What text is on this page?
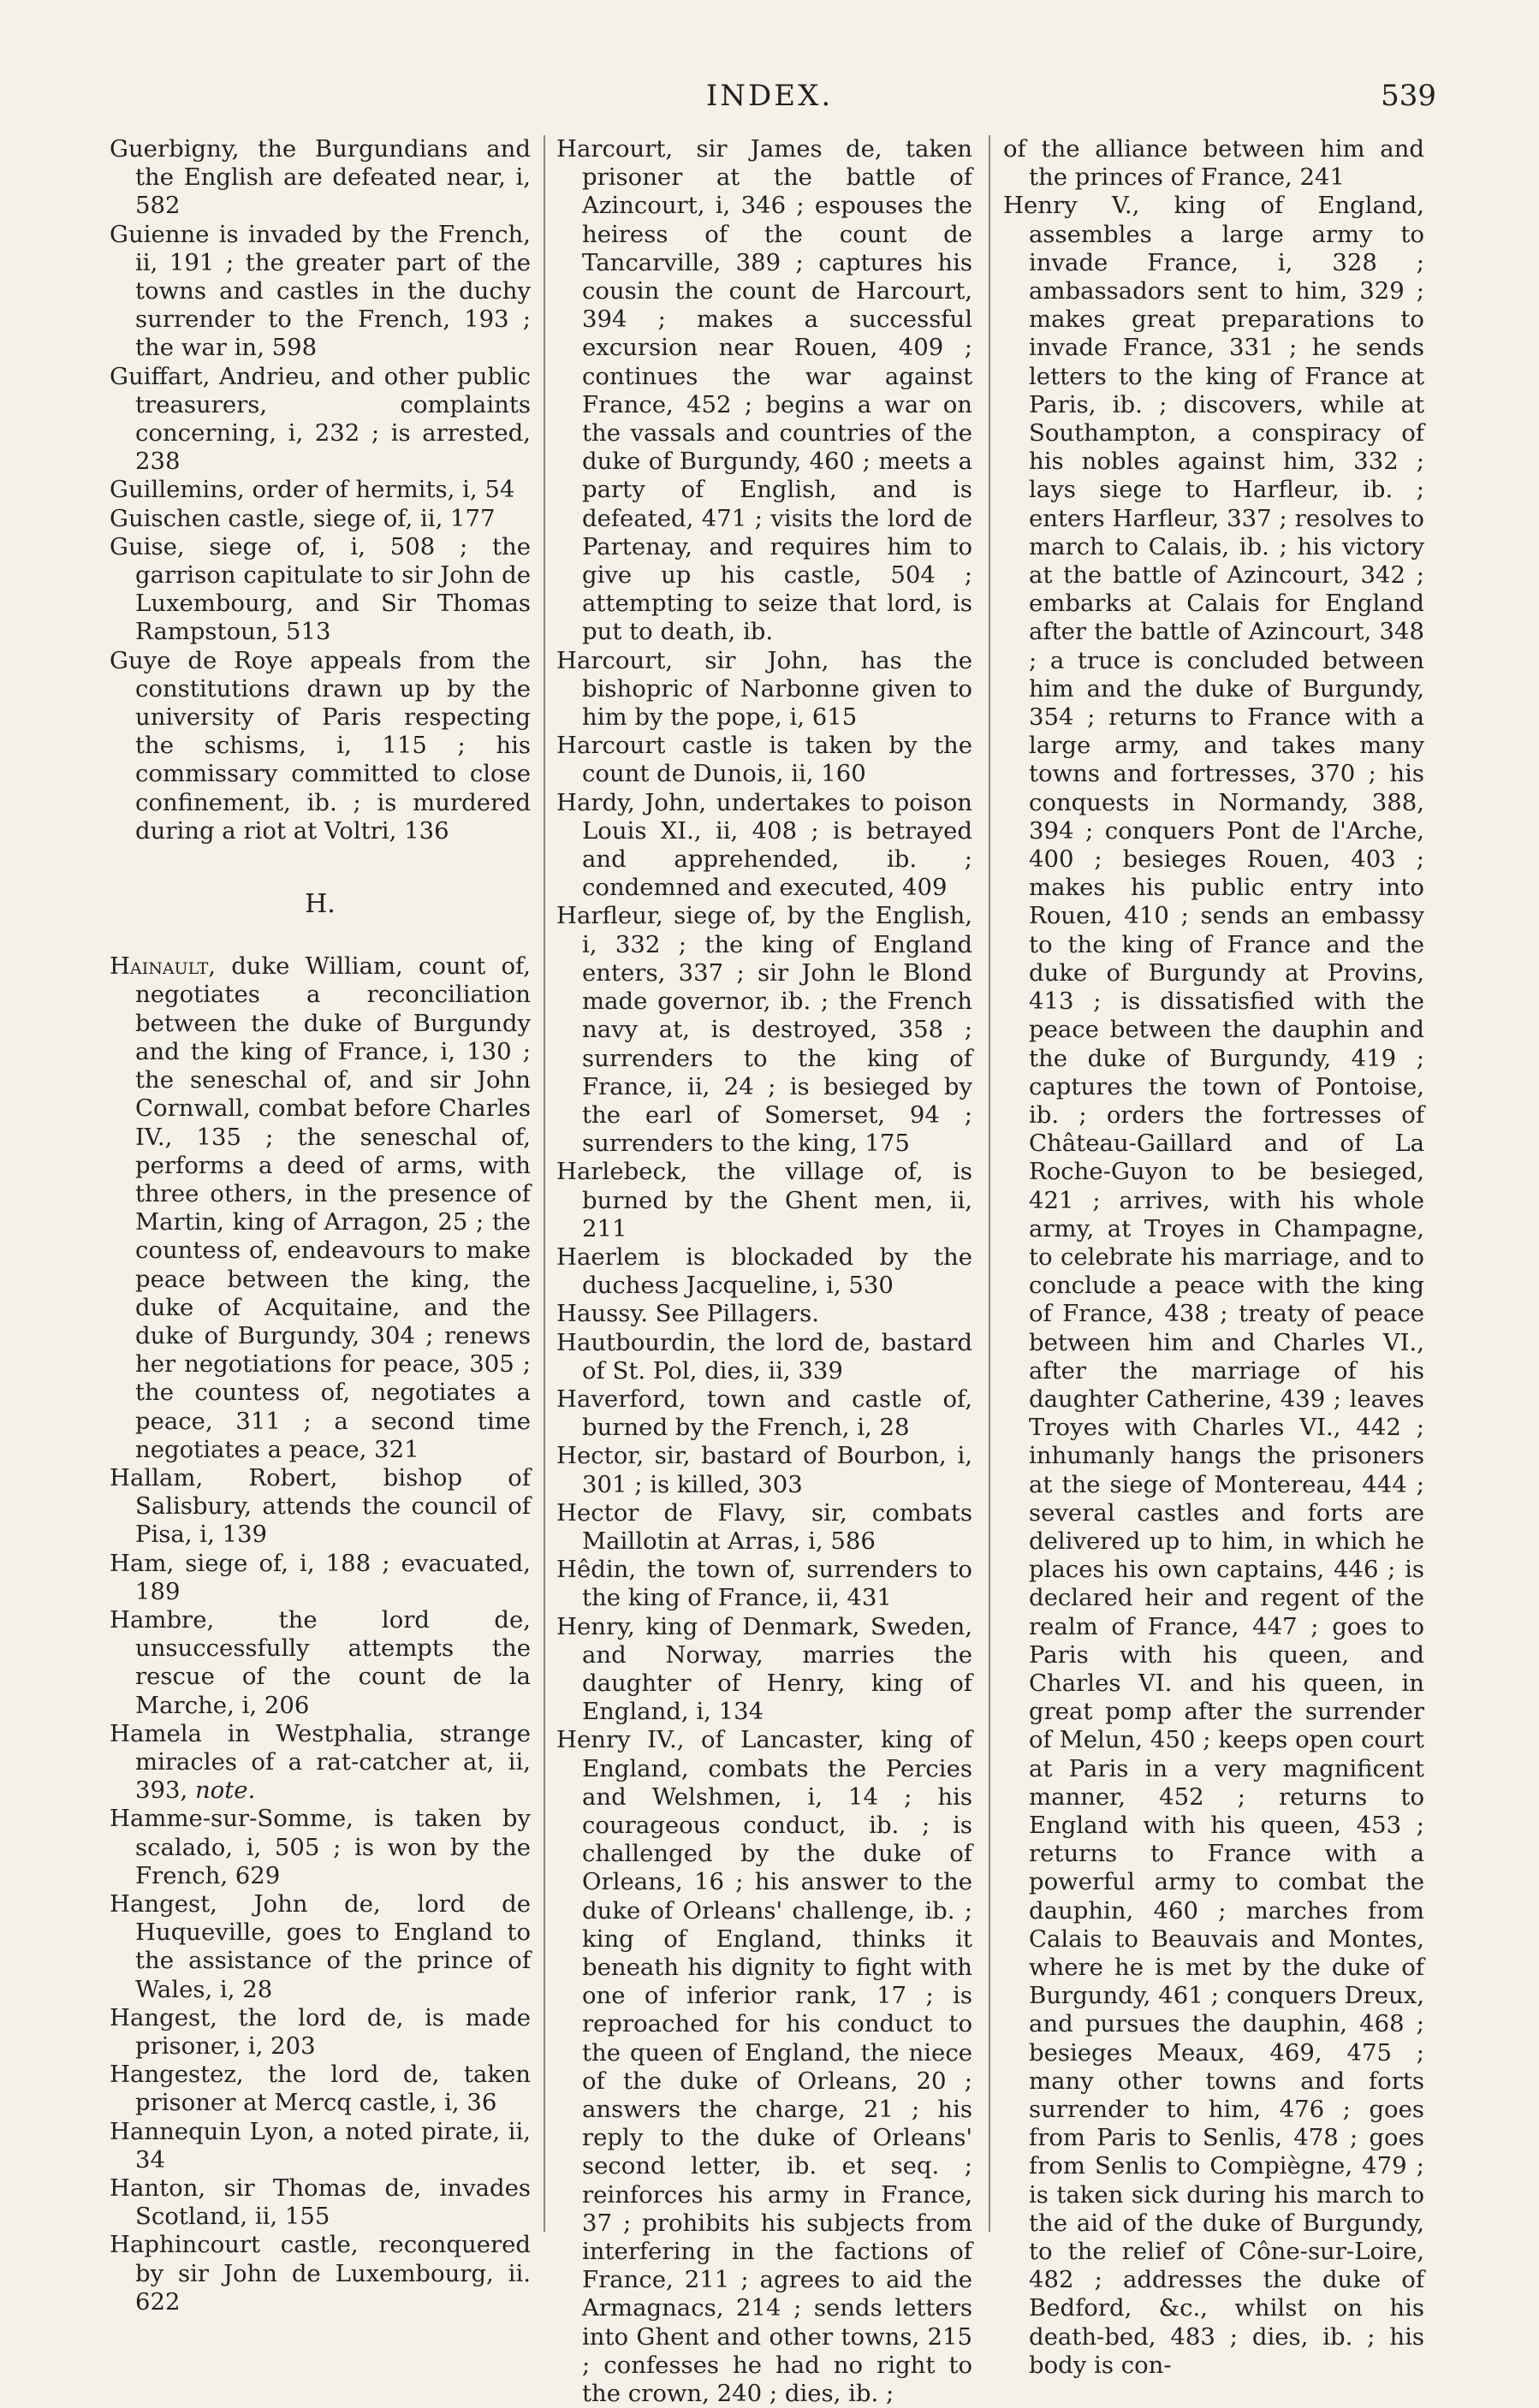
INDEX.	539

Guerbigny, the Burgundians and the English are defeated near, i, 582

Guienne is invaded by the French, ii, 191 ; the greater part of the towns and castles in the duchy surrender to the French, 193 ; the war in, 598

Guiffart, Andrieu, and other public treasurers, complaints concerning, i, 232 ; is arrested, 238

Guillemins, order of hermits, i, 54

Guischen castle, siege of, ii, 177

Guise, siege of, i, 508 ; the garrison capitulate to sir John de Luxembourg, and Sir Thomas Rampstoun, 513

Guye de Roye appeals from the constitutions drawn up by the university of Paris respecting the schisms, i, 115 ; his commissary committed to close confinement, ib. ; is murdered during a riot at Voltri, 136

H.

Hainault, duke William, count of, negotiates a reconciliation between the duke of Burgundy and the king of France, i, 130 ; the seneschal of, and sir John Cornwall, combat before Charles IV., 135 ; the seneschal of, performs a deed of arms, with three others, in the presence of Martin, king of Arragon, 25 ; the countess of, endeavours to make peace between the king, the duke of Acquitaine, and the duke of Burgundy, 304 ; renews her negotiations for peace, 305 ; the countess of, negotiates a peace, 311 ; a second time negotiates a peace, 321

Hallam, Robert, bishop of Salisbury, attends the council of Pisa, i, 139

Ham, siege of, i, 188 ; evacuated, 189

Hambre, the lord de, unsuccessfully attempts the rescue of the count de la Marche, i, 206

Hamela in Westphalia, strange miracles of a rat-catcher at, ii, 393, note.

Hamme-sur-Somme, is taken by scalado, i, 505 ; is won by the French, 629

Hangest, John de, lord de Huqueville, goes to England to the assistance of the prince of Wales, i, 28

Hangest, the lord de, is made prisoner, i, 203

Hangestez, the lord de, taken prisoner at Mercq castle, i, 36

Hannequin Lyon, a noted pirate, ii, 34

Hanton, sir Thomas de, invades Scotland, ii, 155

Haphincourt castle, reconquered by sir John de Luxembourg, ii. 622

Harcourt, sir James de, taken prisoner at the battle of Azincourt, i, 346 ; espouses the heiress of the count de Tancarville, 389 ; captures his cousin the count de Harcourt, 394 ; makes a successful excursion near Rouen, 409 ; continues the war against France, 452 ; begins a war on the vassals and countries of the duke of Burgundy, 460 ; meets a party of English, and is defeated, 471 ; visits the lord de Partenay, and requires him to give up his castle, 504 ; attempting to seize that lord, is put to death, ib.

Harcourt, sir John, has the bishopric of Narbonne given to him by the pope, i, 615

Harcourt castle is taken by the count de Dunois, ii, 160

Hardy, John, undertakes to poison Louis XI., ii, 408 ; is betrayed and apprehended, ib. ; condemned and executed, 409

Harfleur, siege of, by the English, i, 332 ; the king of England enters, 337 ; sir John le Blond made governor, ib. ; the French navy at, is destroyed, 358 ; surrenders to the king of France, ii, 24 ; is besieged by the earl of Somerset, 94 ; surrenders to the king, 175

Harlebeck, the village of, is burned by the Ghent men, ii, 211

Haerlem is blockaded by the duchess Jacqueline, i, 530

Haussy. See Pillagers.

Hautbourdin, the lord de, bastard of St. Pol, dies, ii, 339

Haverford, town and castle of, burned by the French, i, 28

Hector, sir, bastard of Bourbon, i, 301 ; is killed, 303

Hector de Flavy, sir, combats Maillotin at Arras, i, 586

Hêdin, the town of, surrenders to the king of France, ii, 431

Henry, king of Denmark, Sweden, and Norway, marries the daughter of Henry, king of England, i, 134

Henry IV., of Lancaster, king of England, combats the Percies and Welshmen, i, 14 ; his courageous conduct, ib. ; is challenged by the duke of Orleans, 16 ; his answer to the duke of Orleans' challenge, ib. ; king of England, thinks it beneath his dignity to fight with one of inferior rank, 17 ; is reproached for his conduct to the queen of England, the niece of the duke of Orleans, 20 ; answers the charge, 21 ; his reply to the duke of Orleans' second letter, ib. et seq. ; reinforces his army in France, 37 ; prohibits his subjects from interfering in the factions of France, 211 ; agrees to aid the Armagnacs, 214 ; sends letters into Ghent and other towns, 215 ; confesses he had no right to the crown, 240 ; dies, ib. ;

of the alliance between him and the princes of France, 241

Henry V., king of England, assembles a large army to invade France, i, 328 ; ambassadors sent to him, 329 ; makes great preparations to invade France, 331 ; he sends letters to the king of France at Paris, ib. ; discovers, while at Southampton, a conspiracy of his nobles against him, 332 ; lays siege to Harfleur, ib. ; enters Harfleur, 337 ; resolves to march to Calais, ib. ; his victory at the battle of Azincourt, 342 ; embarks at Calais for England after the battle of Azincourt, 348 ; a truce is concluded between him and the duke of Burgundy, 354 ; returns to France with a large army, and takes many towns and fortresses, 370 ; his conquests in Normandy, 388, 394 ; conquers Pont de l'Arche, 400 ; besieges Rouen, 403 ; makes his public entry into Rouen, 410 ; sends an embassy to the king of France and the duke of Burgundy at Provins, 413 ; is dissatisfied with the peace between the dauphin and the duke of Burgundy, 419 ; captures the town of Pontoise, ib. ; orders the fortresses of Château-Gaillard and of La Roche-Guyon to be besieged, 421 ; arrives, with his whole army, at Troyes in Champagne, to celebrate his marriage, and to conclude a peace with the king of France, 438 ; treaty of peace between him and Charles VI., after the marriage of his daughter Catherine, 439 ; leaves Troyes with Charles VI., 442 ; inhumanly hangs the prisoners at the siege of Montereau, 444 ; several castles and forts are delivered up to him, in which he places his own captains, 446 ; is declared heir and regent of the realm of France, 447 ; goes to Paris with his queen, and Charles VI. and his queen, in great pomp after the surrender of Melun, 450 ; keeps open court at Paris in a very magnificent manner, 452 ; returns to England with his queen, 453 ; returns to France with a powerful army to combat the dauphin, 460 ; marches from Calais to Beauvais and Montes, where he is met by the duke of Burgundy, 461 ; conquers Dreux, and pursues the dauphin, 468 ; besieges Meaux, 469, 475 ; many other towns and forts surrender to him, 476 ; goes from Paris to Senlis, 478 ; goes from Senlis to Compiègne, 479 ; is taken sick during his march to the aid of the duke of Burgundy, to the relief of Cône-sur-Loire, 482 ; addresses the duke of Bedford, &c., whilst on his death-bed, 483 ; dies, ib. ; his body is con-
